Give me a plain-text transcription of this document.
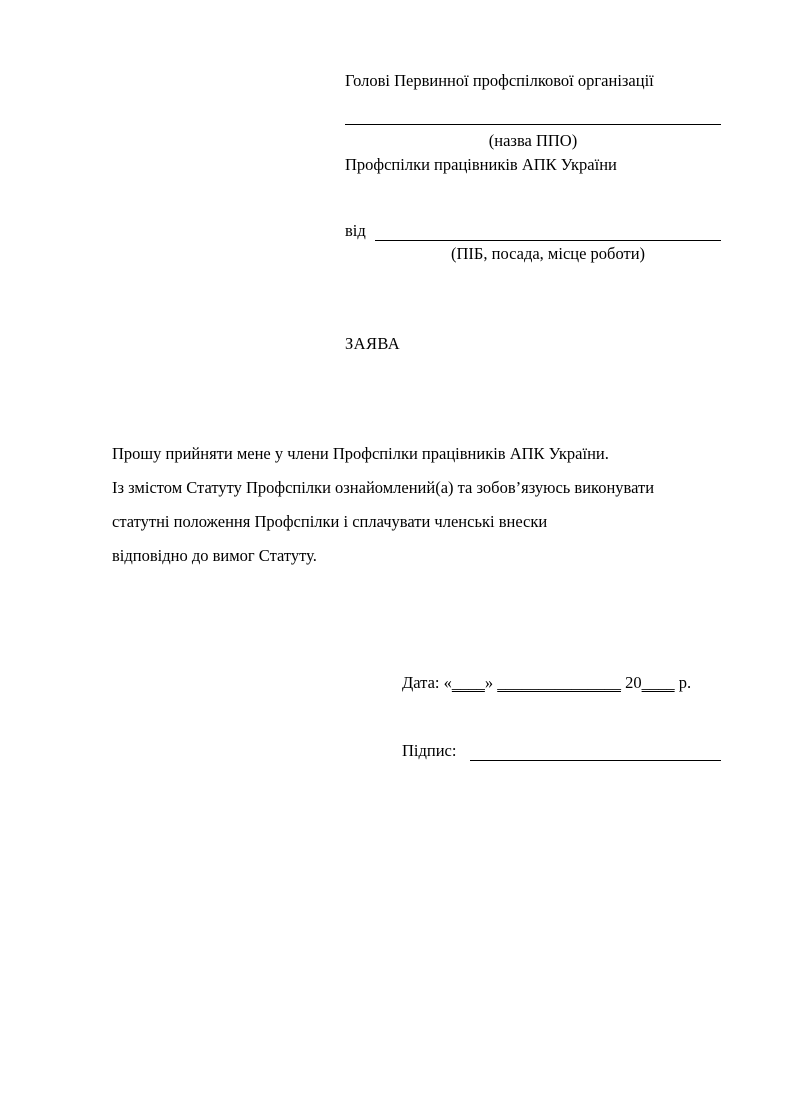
Голові Первинної профспілкової організації
(назва ППО)
Профспілки працівників АПК України
від
(ПІБ, посада, місце роботи)
ЗАЯВА
Прошу прийняти мене у члени Профспілки працівників АПК України.
Із змістом Статуту Профспілки ознайомлений(а) та зобов’язуюсь виконувати
статутні положення Профспілки і сплачувати членські внески
відповідно до вимог Статуту.
Дата: «____» _______________ 20____ р.
Підпис:
